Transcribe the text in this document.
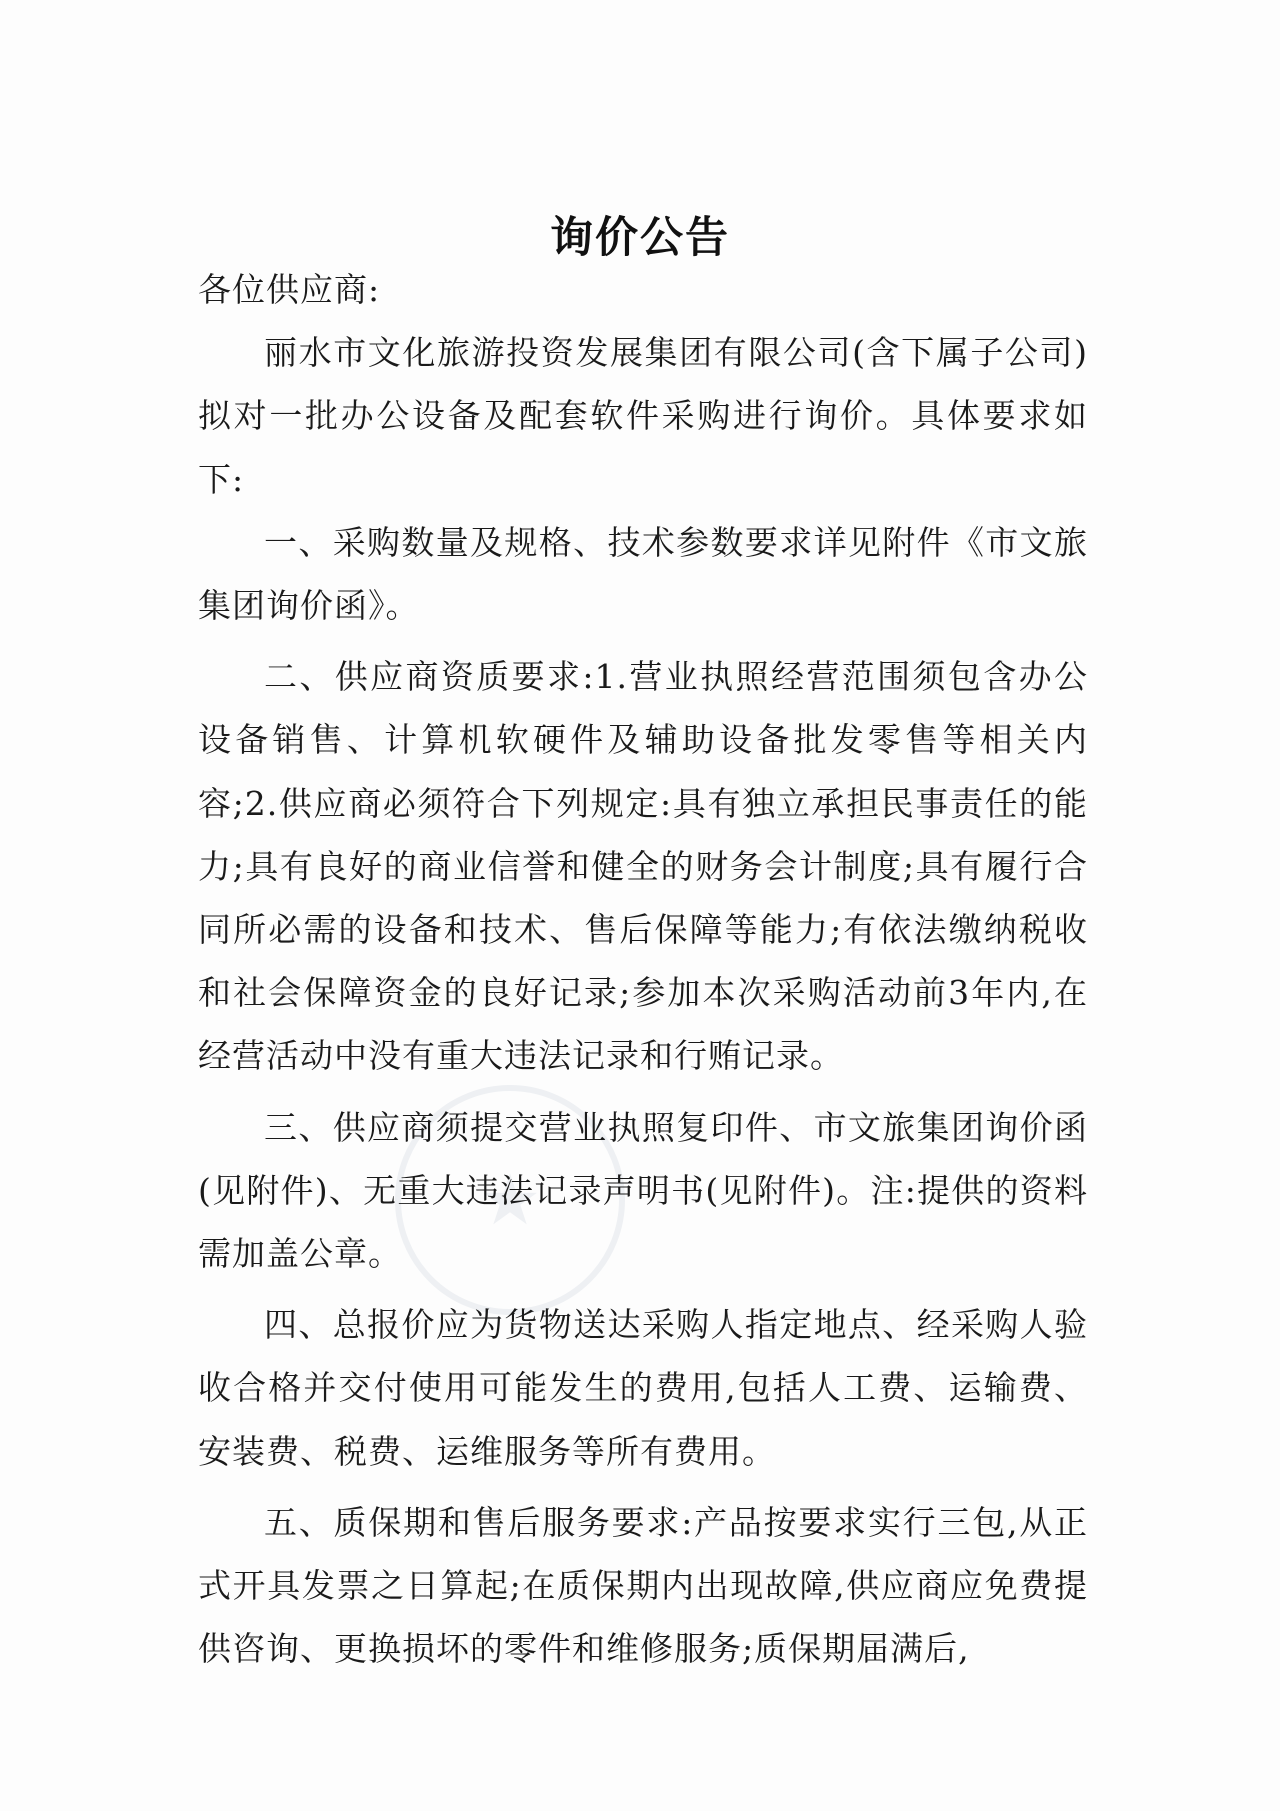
★
询价公告

各位供应商:

丽水市文化旅游投资发展集团有限公司(含下属子公司)拟对一批办公设备及配套软件采购进行询价。具体要求如下:

一、采购数量及规格、技术参数要求详见附件《市文旅集团询价函》。

二、供应商资质要求:1.营业执照经营范围须包含办公设备销售、计算机软硬件及辅助设备批发零售等相关内容;2.供应商必须符合下列规定:具有独立承担民事责任的能力;具有良好的商业信誉和健全的财务会计制度;具有履行合同所必需的设备和技术、售后保障等能力;有依法缴纳税收和社会保障资金的良好记录;参加本次采购活动前3年内,在经营活动中没有重大违法记录和行贿记录。

三、供应商须提交营业执照复印件、市文旅集团询价函(见附件)、无重大违法记录声明书(见附件)。注:提供的资料需加盖公章。

四、总报价应为货物送达采购人指定地点、经采购人验收合格并交付使用可能发生的费用,包括人工费、运输费、安装费、税费、运维服务等所有费用。

五、质保期和售后服务要求:产品按要求实行三包,从正式开具发票之日算起;在质保期内出现故障,供应商应免费提供咨询、更换损坏的零件和维修服务;质保期届满后,
